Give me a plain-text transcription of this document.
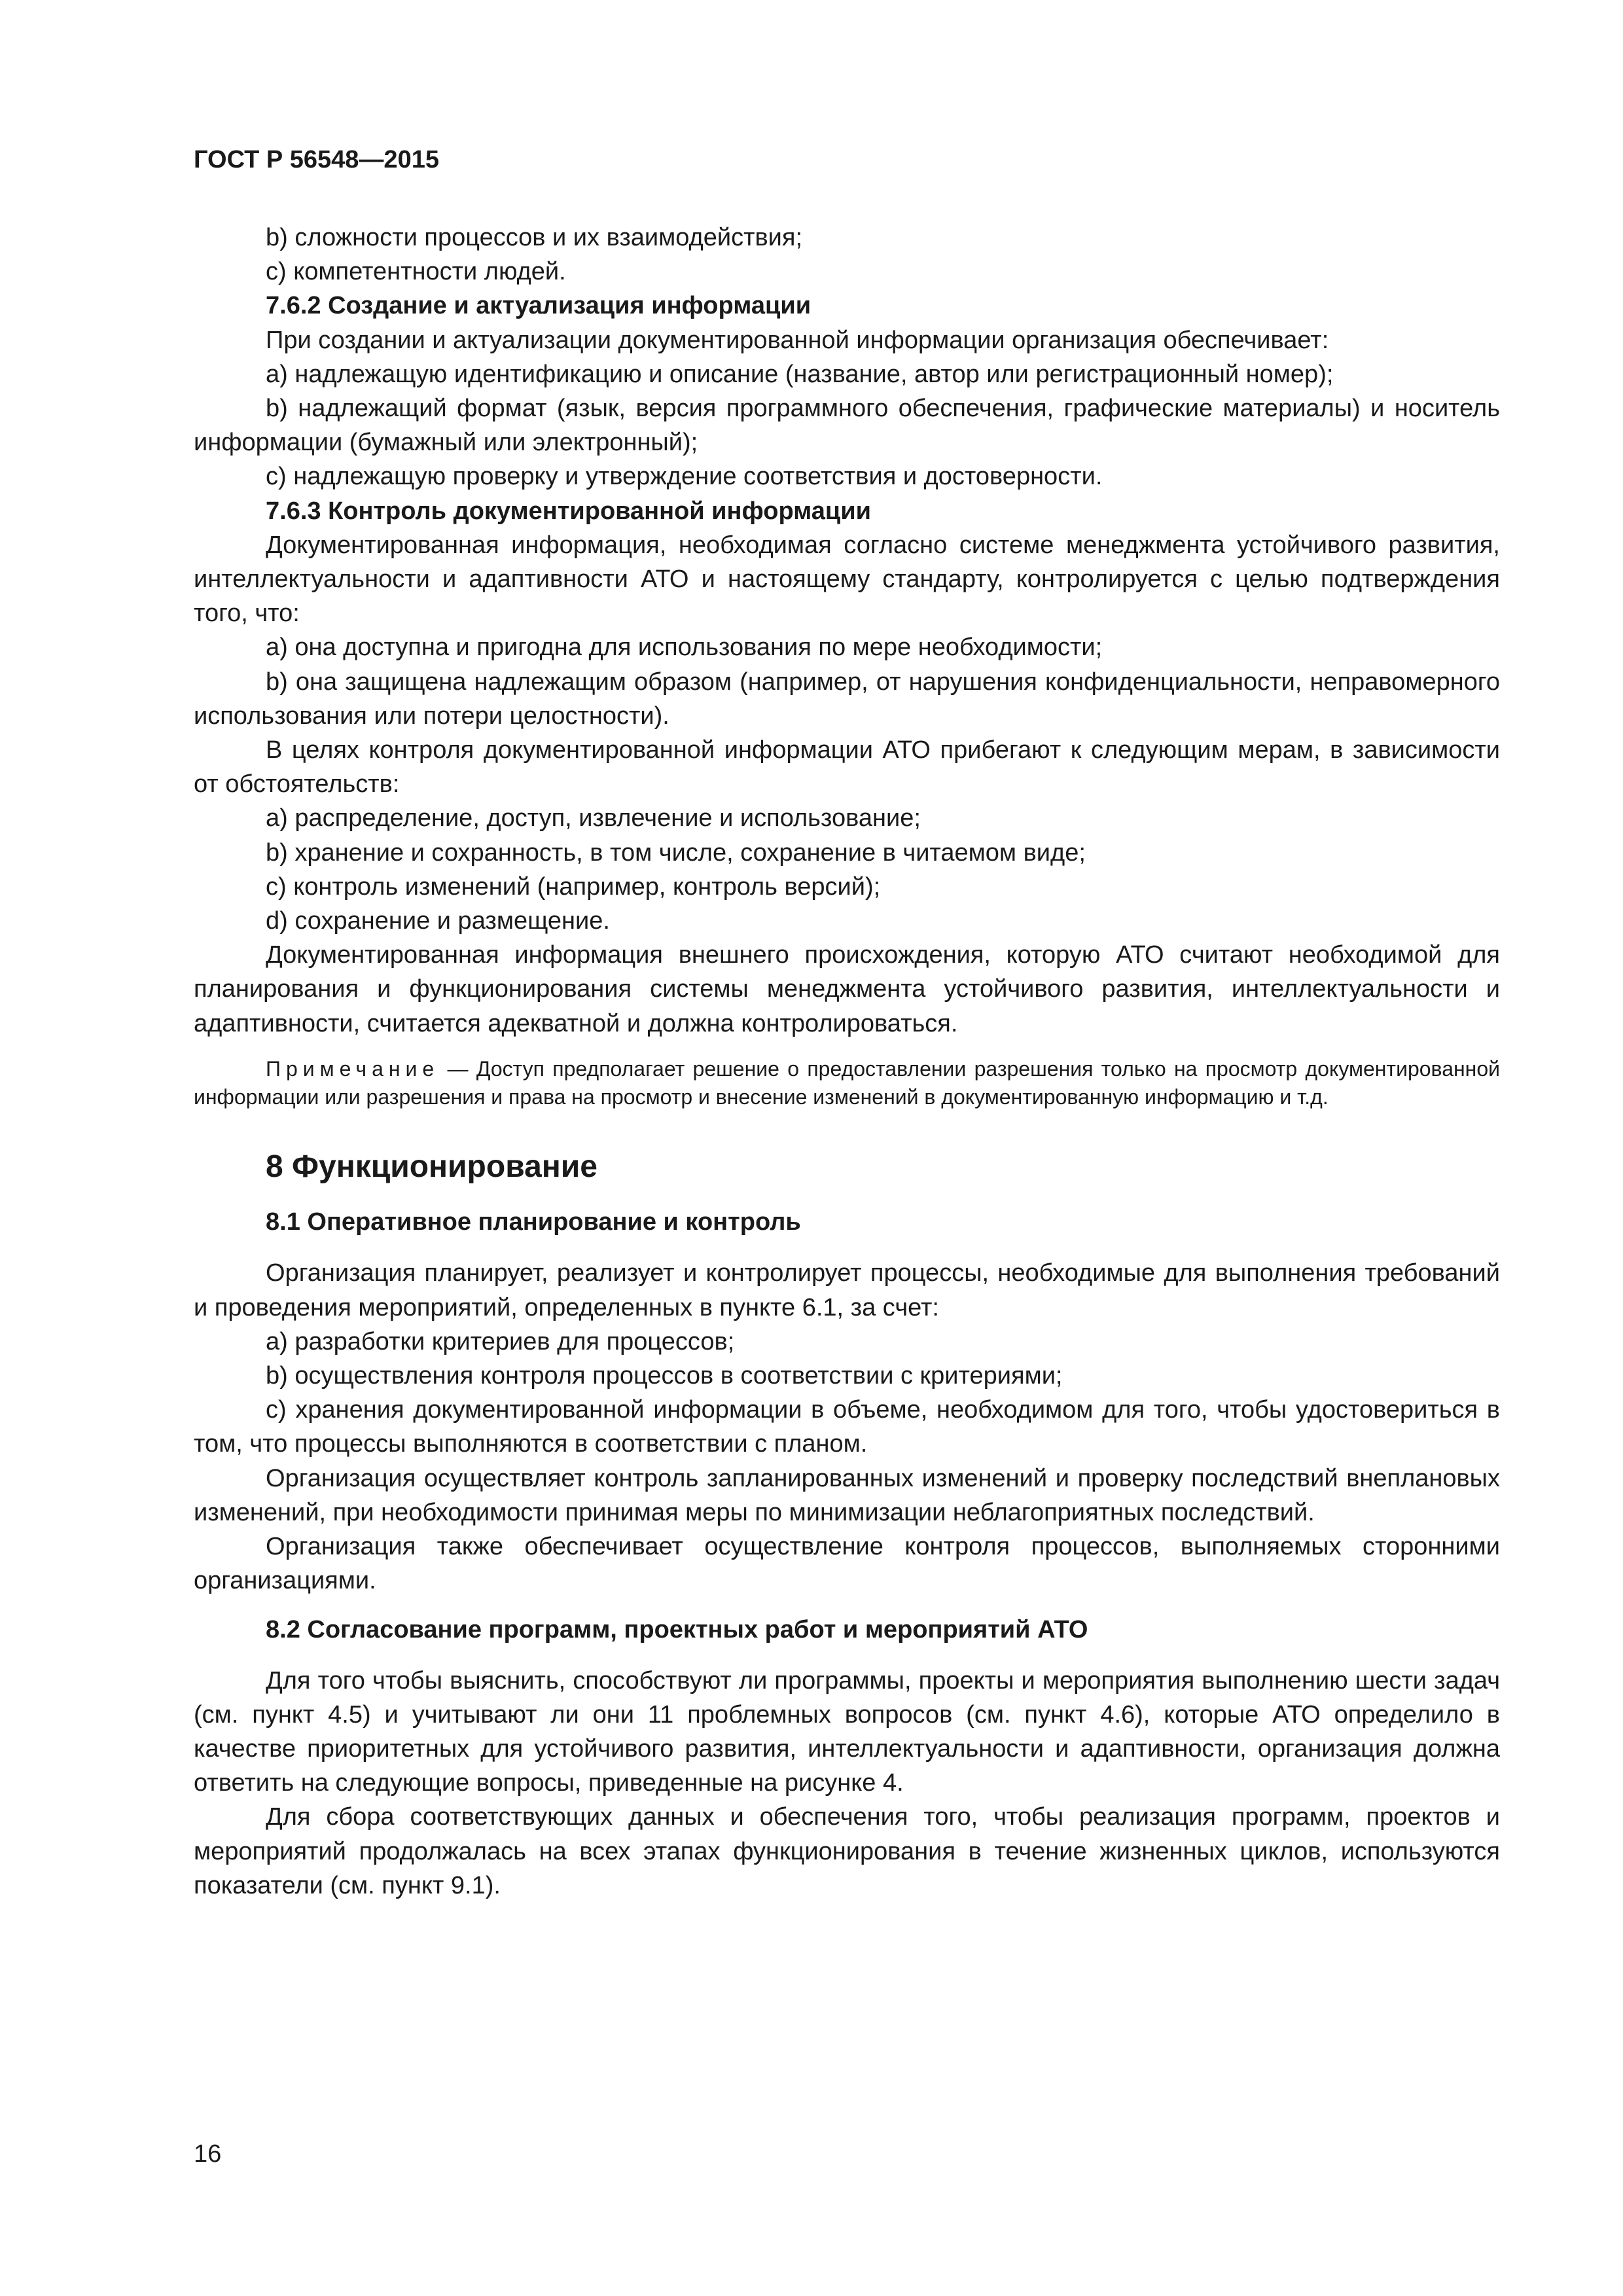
ГОСТ Р 56548—2015

b) сложности процессов и их взаимодействия;

с) компетентности людей.

7.6.2 Создание и актуализация информации

При создании и актуализации документированной информации организация обеспечивает:

a) надлежащую идентификацию и описание (название, автор или регистрационный номер);

b) надлежащий формат (язык, версия программного обеспечения, графические материалы) и носитель информации (бумажный или электронный);

с) надлежащую проверку и утверждение соответствия и достоверности.

7.6.3 Контроль документированной информации

Документированная информация, необходимая согласно системе менеджмента устойчивого развития, интеллектуальности и адаптивности АТО и настоящему стандарту, контролируется с целью подтверждения того, что:

a) она доступна и пригодна для использования по мере необходимости;

b) она защищена надлежащим образом (например, от нарушения конфиденциальности, неправомерного использования или потери целостности).

В целях контроля документированной информации АТО прибегают к следующим мерам, в зависимости от обстоятельств:

a) распределение, доступ, извлечение и использование;

b) хранение и сохранность, в том числе, сохранение в читаемом виде;

с) контроль изменений (например, контроль версий);

d) сохранение и размещение.

Документированная информация внешнего происхождения, которую АТО считают необходимой для планирования и функционирования системы менеджмента устойчивого развития, интеллектуальности и адаптивности, считается адекватной и должна контролироваться.

Примечание — Доступ предполагает решение о предоставлении разрешения только на просмотр документированной информации или разрешения и права на просмотр и внесение изменений в документированную информацию и т.д.

8 Функционирование
8.1 Оперативное планирование и контроль

Организация планирует, реализует и контролирует процессы, необходимые для выполнения требований и проведения мероприятий, определенных в пункте 6.1, за счет:

a) разработки критериев для процессов;

b) осуществления контроля процессов в соответствии с критериями;

с) хранения документированной информации в объеме, необходимом для того, чтобы удостовериться в том, что процессы выполняются в соответствии с планом.

Организация осуществляет контроль запланированных изменений и проверку последствий внеплановых изменений, при необходимости принимая меры по минимизации неблагоприятных последствий.

Организация также обеспечивает осуществление контроля процессов, выполняемых сторонними организациями.

8.2 Согласование программ, проектных работ и мероприятий АТО

Для того чтобы выяснить, способствуют ли программы, проекты и мероприятия выполнению шести задач (см. пункт 4.5) и учитывают ли они 11 проблемных вопросов (см. пункт 4.6), которые АТО определило в качестве приоритетных для устойчивого развития, интеллектуальности и адаптивности, организация должна ответить на следующие вопросы, приведенные на рисунке 4.

Для сбора соответствующих данных и обеспечения того, чтобы реализация программ, проектов и мероприятий продолжалась на всех этапах функционирования в течение жизненных циклов, используются показатели (см. пункт 9.1).

16
